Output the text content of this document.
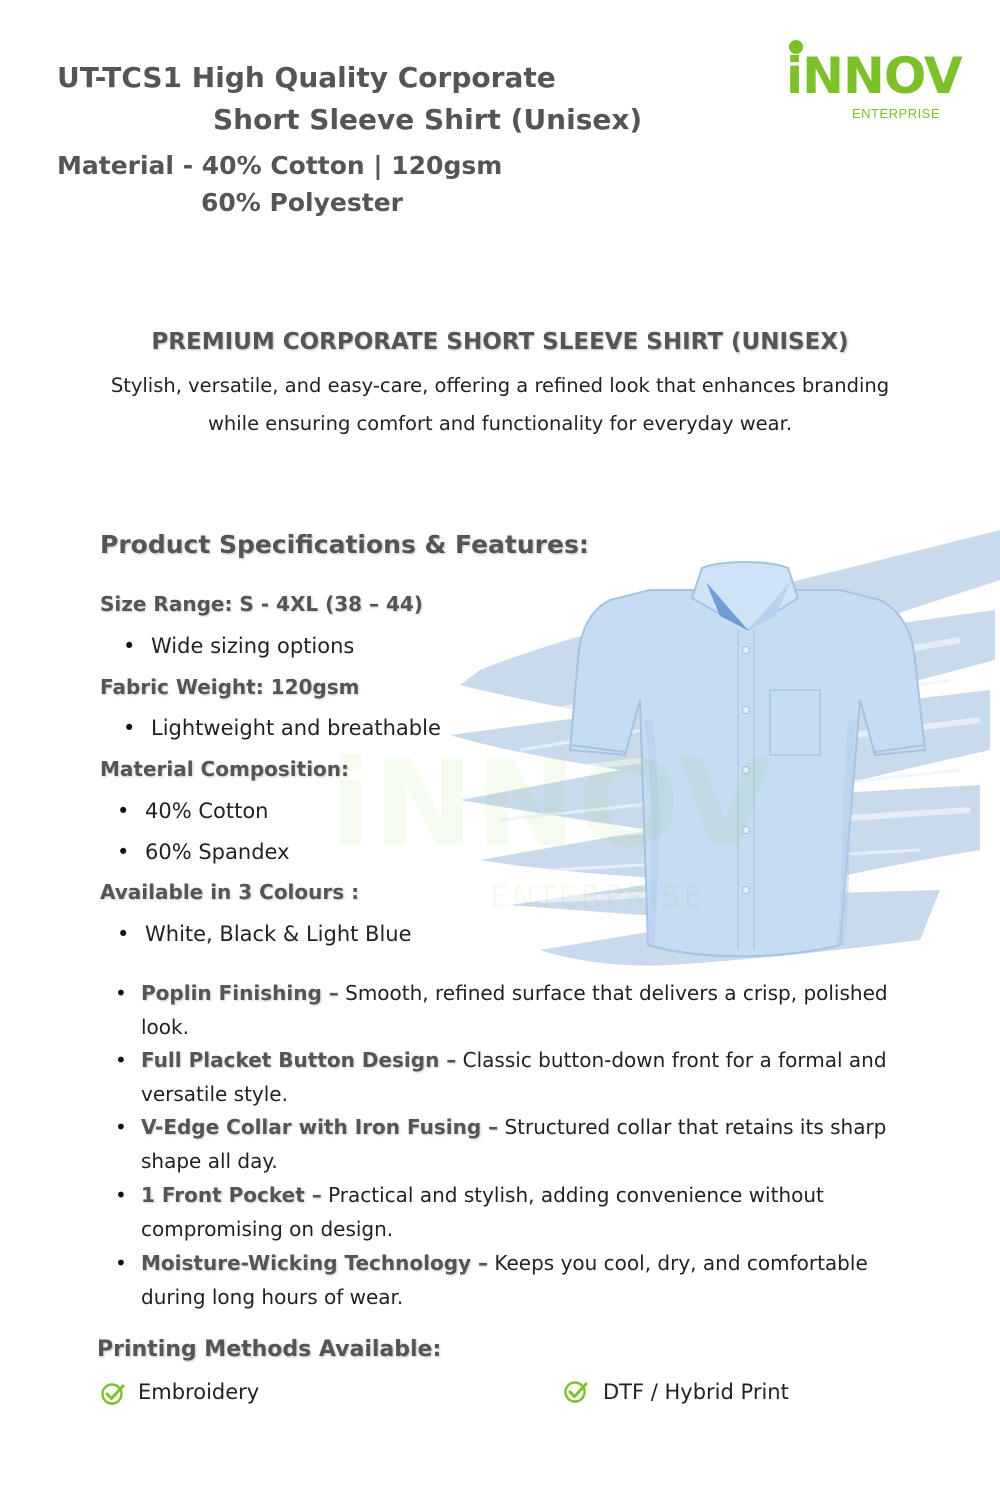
UT-TCS1 High Quality Corporate
Short Sleeve Shirt (Unisex)
Material - 40% Cotton | 120gsm
60% Polyester
iNNOV
ENTERPRISE
PREMIUM CORPORATE SHORT SLEEVE SHIRT (UNISEX)
Stylish, versatile, and easy-care, offering a refined look that enhances branding while ensuring comfort and functionality for everyday wear.
iNNOV
ENTERPRISE
Product Specifications & Features:
Size Range: S - 4XL (38 – 44)
• Wide sizing options
Fabric Weight: 120gsm
• Lightweight and breathable
Material Composition:
• 40% Cotton
• 60% Spandex
Available in 3 Colours :
• White, Black & Light Blue
• Poplin Finishing – Smooth, refined surface that delivers a crisp, polished look.
• Full Placket Button Design – Classic button-down front for a formal and versatile style.
• V-Edge Collar with Iron Fusing – Structured collar that retains its sharp shape all day.
• 1 Front Pocket – Practical and stylish, adding convenience without compromising on design.
• Moisture-Wicking Technology – Keeps you cool, dry, and comfortable during long hours of wear.
Printing Methods Available:
Embroidery	DTF / Hybrid Print
